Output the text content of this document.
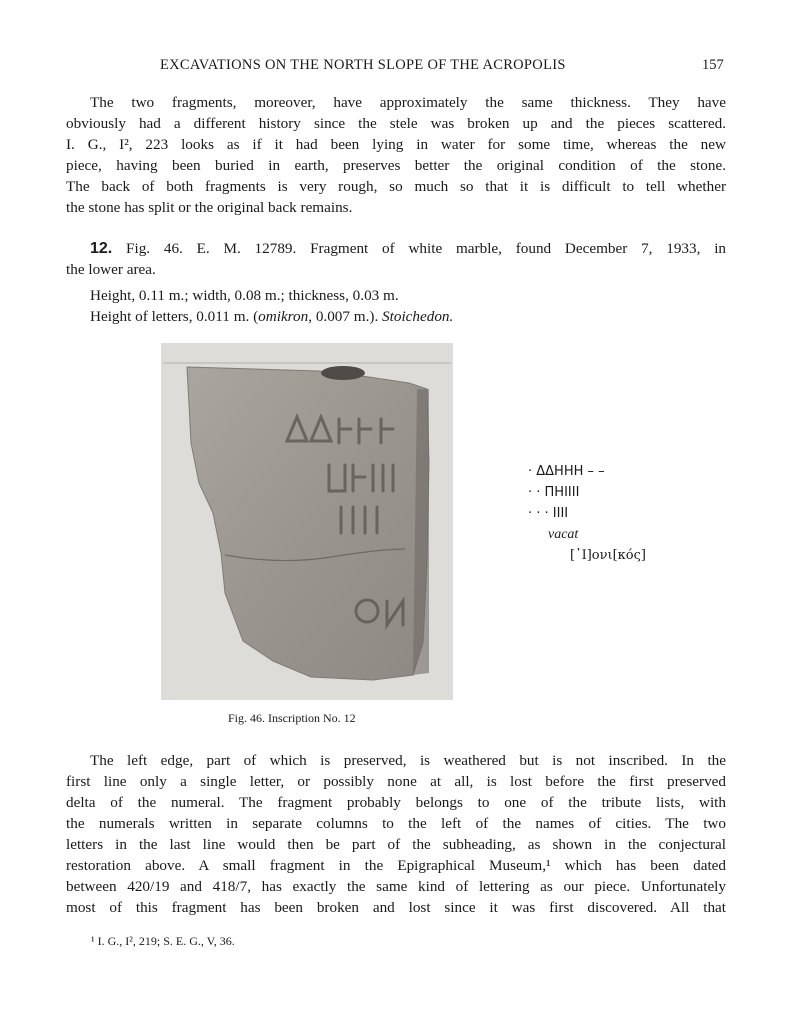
EXCAVATIONS ON THE NORTH SLOPE OF THE ACROPOLIS	157
The two fragments, moreover, have approximately the same thickness. They have
obviously had a different history since the stele was broken up and the pieces scattered.
I. G., I², 223 looks as if it had been lying in water for some time, whereas the new
piece, having been buried in earth, preserves better the original condition of the stone.
The back of both fragments is very rough, so much so that it is difficult to tell whether
the stone has split or the original back remains.
12. Fig. 46. E. M. 12789. Fragment of white marble, found December 7, 1933, in
the lower area.
Height, 0.11 m.; width, 0.08 m.; thickness, 0.03 m.
Height of letters, 0.011 m. (omikron, 0.007 m.). Stoichedon.
Fig. 46. Inscription No. 12
· ΔΔΗΗΗ – –
· · ΠΗΙΙΙΙ
· · · ΙΙΙΙ
vacat
[᾽Ι]ονι[κός]
The left edge, part of which is preserved, is weathered but is not inscribed. In the
first line only a single letter, or possibly none at all, is lost before the first preserved
delta of the numeral. The fragment probably belongs to one of the tribute lists, with
the numerals written in separate columns to the left of the names of cities. The two
letters in the last line would then be part of the subheading, as shown in the conjectural
restoration above. A small fragment in the Epigraphical Museum,¹ which has been dated
between 420/19 and 418/7, has exactly the same kind of lettering as our piece. Unfortunately
most of this fragment has been broken and lost since it was first discovered. All that
¹ I. G., I², 219; S. E. G., V, 36.
